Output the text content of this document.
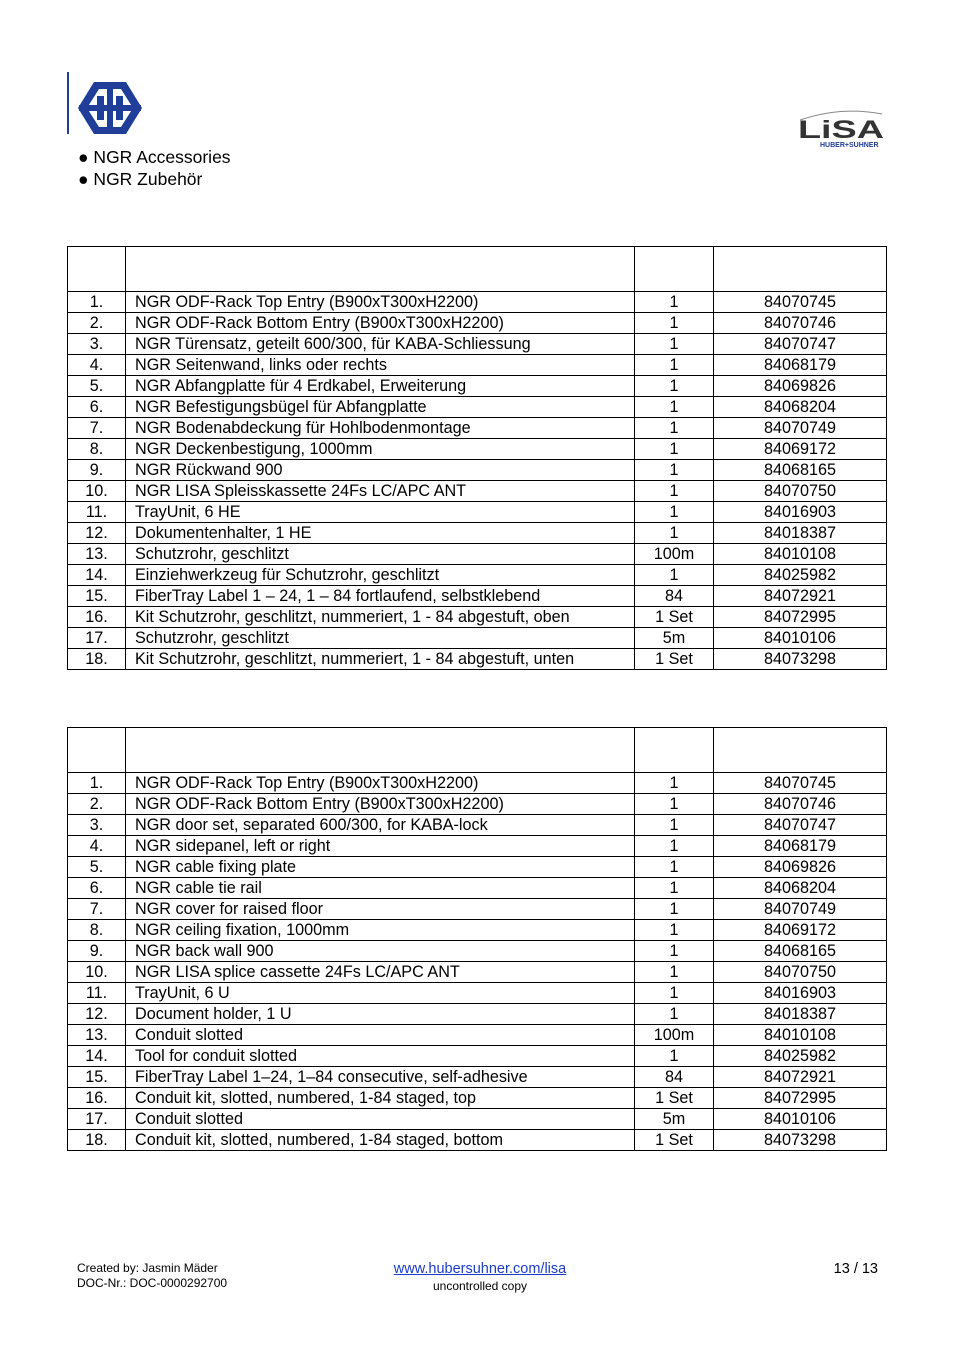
LiSA
HUBER+SUHNER
● NGR Accessories
● NGR Zubehör

1.	NGR ODF-Rack Top Entry (B900xT300xH2200)	1	84070745
2.	NGR ODF-Rack Bottom Entry (B900xT300xH2200)	1	84070746
3.	NGR Türensatz, geteilt 600/300, für KABA-Schliessung	1	84070747
4.	NGR Seitenwand, links oder rechts	1	84068179
5.	NGR Abfangplatte für 4 Erdkabel, Erweiterung	1	84069826
6.	NGR Befestigungsbügel für Abfangplatte	1	84068204
7.	NGR Bodenabdeckung für Hohlbodenmontage	1	84070749
8.	NGR Deckenbestigung, 1000mm	1	84069172
9.	NGR Rückwand 900	1	84068165
10.	NGR LISA Spleisskassette 24Fs LC/APC ANT	1	84070750
11.	TrayUnit, 6 HE	1	84016903
12.	Dokumentenhalter, 1 HE	1	84018387
13.	Schutzrohr, geschlitzt	100m	84010108
14.	Einziehwerkzeug für Schutzrohr, geschlitzt	1	84025982
15.	FiberTray Label 1 – 24, 1 – 84 fortlaufend, selbstklebend	84	84072921
16.	Kit Schutzrohr, geschlitzt, nummeriert, 1 - 84 abgestuft, oben	1 Set	84072995
17.	Schutzrohr, geschlitzt	5m	84010106
18.	Kit Schutzrohr, geschlitzt, nummeriert, 1 - 84 abgestuft, unten	1 Set	84073298

1.	NGR ODF-Rack Top Entry (B900xT300xH2200)	1	84070745
2.	NGR ODF-Rack Bottom Entry (B900xT300xH2200)	1	84070746
3.	NGR door set, separated 600/300, for KABA-lock	1	84070747
4.	NGR sidepanel, left or right	1	84068179
5.	NGR cable fixing plate	1	84069826
6.	NGR cable tie rail	1	84068204
7.	NGR cover for raised floor	1	84070749
8.	NGR ceiling fixation, 1000mm	1	84069172
9.	NGR back wall 900	1	84068165
10.	NGR LISA splice cassette 24Fs LC/APC ANT	1	84070750
11.	TrayUnit, 6 U	1	84016903
12.	Document holder, 1 U	1	84018387
13.	Conduit slotted	100m	84010108
14.	Tool for conduit slotted	1	84025982
15.	FiberTray Label 1–24, 1–84 consecutive, self-adhesive	84	84072921
16.	Conduit kit, slotted, numbered, 1-84 staged, top	1 Set	84072995
17.	Conduit slotted	5m	84010106
18.	Conduit kit, slotted, numbered, 1-84 staged, bottom	1 Set	84073298
Created by: Jasmin Mäder
DOC-Nr.: DOC-0000292700
www.hubersuhner.com/lisa
uncontrolled copy
13 / 13
